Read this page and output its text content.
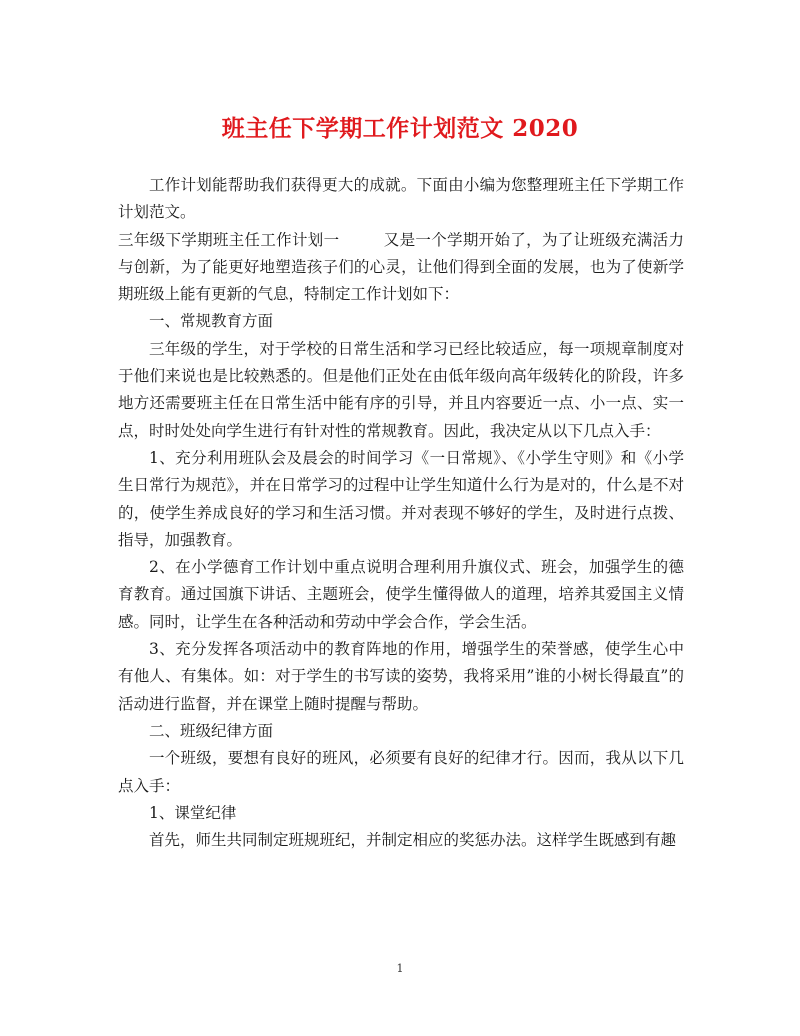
班主任下学期工作计划范文 2020

工作计划能帮助我们获得更大的成就。下面由小编为您整理班主任下学期工作计划范文。

三年级下学期班主任工作计划一	又是一个学期开始了，为了让班级充满活力与创新，为了能更好地塑造孩子们的心灵，让他们得到全面的发展，也为了使新学期班级上能有更新的气息，特制定工作计划如下：

一、常规教育方面

三年级的学生，对于学校的日常生活和学习已经比较适应，每一项规章制度对于他们来说也是比较熟悉的。但是他们正处在由低年级向高年级转化的阶段，许多地方还需要班主任在日常生活中能有序的引导，并且内容要近一点、小一点、实一点，时时处处向学生进行有针对性的常规教育。因此，我决定从以下几点入手：

1、充分利用班队会及晨会的时间学习《一日常规》、《小学生守则》和《小学生日常行为规范》，并在日常学习的过程中让学生知道什么行为是对的，什么是不对的，使学生养成良好的学习和生活习惯。并对表现不够好的学生，及时进行点拨、指导，加强教育。

2、在小学德育工作计划中重点说明合理利用升旗仪式、班会，加强学生的德育教育。通过国旗下讲话、主题班会，使学生懂得做人的道理，培养其爱国主义情感。同时，让学生在各种活动和劳动中学会合作，学会生活。

3、充分发挥各项活动中的教育阵地的作用，增强学生的荣誉感，使学生心中有他人、有集体。如：对于学生的书写读的姿势，我将采用”谁的小树长得最直”的活动进行监督，并在课堂上随时提醒与帮助。

二、班级纪律方面

一个班级，要想有良好的班风，必须要有良好的纪律才行。因而，我从以下几点入手：

1、课堂纪律

首先，师生共同制定班规班纪，并制定相应的奖惩办法。这样学生既感到有趣

1
